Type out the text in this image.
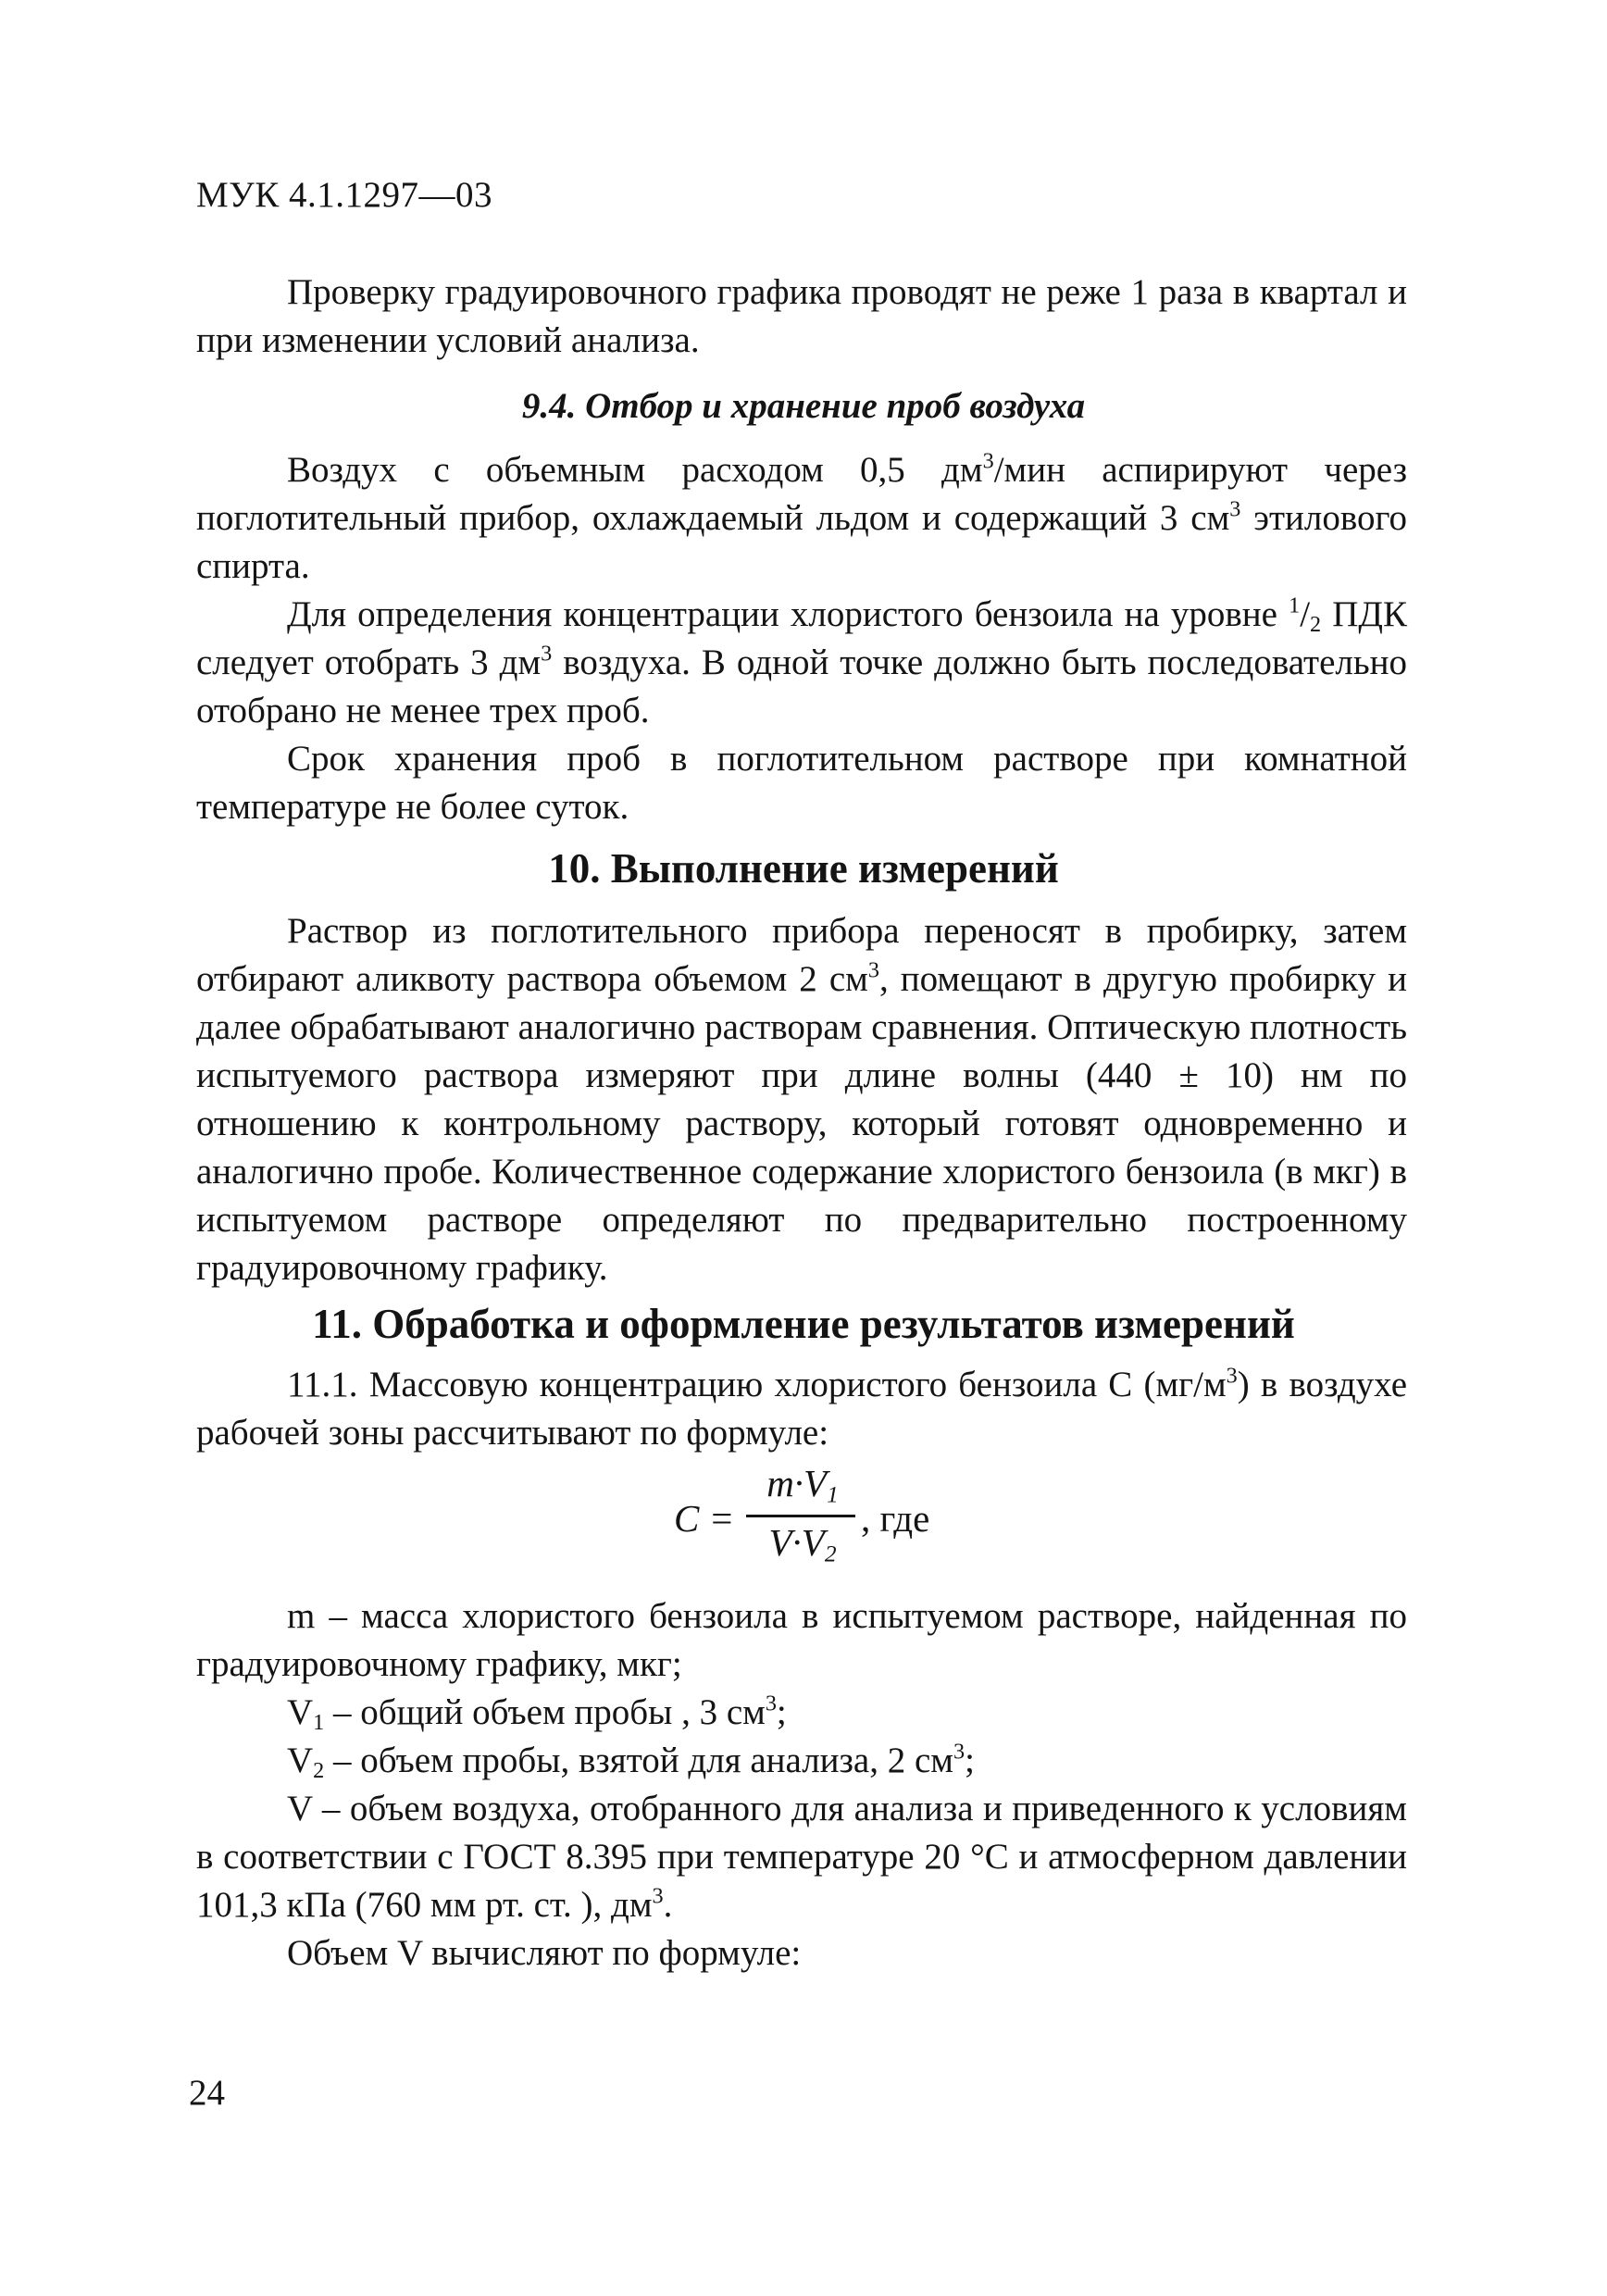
МУК 4.1.1297—03
Проверку градуировочного графика проводят не реже 1 раза в квартал и при изменении условий анализа.
9.4. Отбор и хранение проб воздуха
Воздух с объемным расходом 0,5 $дм^3$/мин аспирируют через поглотительный прибор, охлаждаемый льдом и содержащий 3 $см^3$ этилового спирта.
Для определения концентрации хлористого бензоила на уровне $^1/_2$ ПДК следует отобрать 3 $дм^3$ воздуха. В одной точке должно быть последовательно отобрано не менее трех проб.
Срок хранения проб в поглотительном растворе при комнатной температуре не более суток.
10. Выполнение измерений
Раствор из поглотительного прибора переносят в пробирку, затем отбирают аликвоту раствора объемом 2 $см^3$, помещают в другую пробирку и далее обрабатывают аналогично растворам сравнения. Оптическую плотность испытуемого раствора измеряют при длине волны (440 ± 10) нм по отношению к контрольному раствору, который готовят одновременно и аналогично пробе. Количественное содержание хлористого бензоила (в мкг) в испытуемом растворе определяют по предварительно построенному градуировочному графику.
11. Обработка и оформление результатов измерений
11.1. Массовую концентрацию хлористого бензоила С $(мг/м^3)$ в воздухе рабочей зоны рассчитывают по формуле:
C =
$m\cdot V_1$
$V\cdot V_2$
, где
m – масса хлористого бензоила в испытуемом растворе, найденная по градуировочному графику, мкг;
$V_1$ – общий объем пробы , 3 $см^3$;
$V_2$ – объем пробы, взятой для анализа, 2 $см^3$;
V – объем воздуха, отобранного для анализа и приведенного к условиям в соответствии с ГОСТ 8.395 при температуре 20 °С и атмосферном давлении 101,3 кПа (760 мм рт. ст. ), $дм^3$.
Объем V вычисляют по формуле:
24
